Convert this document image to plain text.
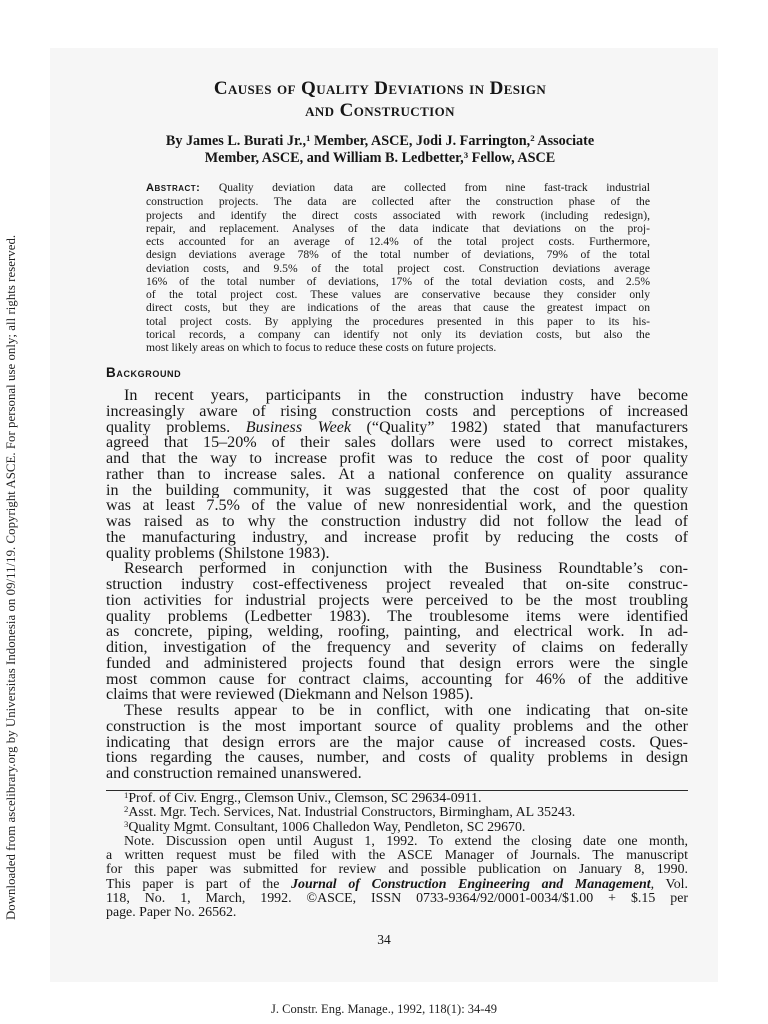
Downloaded from ascelibrary.org by Universitas Indonesia on 09/11/19. Copyright ASCE. For personal use only; all rights reserved.
Causes of Quality Deviations in Design
and Construction
By James L. Burati Jr.,$^1$ Member, ASCE, Jodi J. Farrington,$^2$ Associate
Member, ASCE, and William B. Ledbetter,$^3$ Fellow, ASCE
Abstract: Quality deviation data are collected from nine fast-track industrial
construction projects. The data are collected after the construction phase of the
projects and identify the direct costs associated with rework (including redesign),
repair, and replacement. Analyses of the data indicate that deviations on the proj-
ects accounted for an average of 12.4% of the total project costs. Furthermore,
design deviations average 78% of the total number of deviations, 79% of the total
deviation costs, and 9.5% of the total project cost. Construction deviations average
16% of the total number of deviations, 17% of the total deviation costs, and 2.5%
of the total project cost. These values are conservative because they consider only
direct costs, but they are indications of the areas that cause the greatest impact on
total project costs. By applying the procedures presented in this paper to its his-
torical records, a company can identify not only its deviation costs, but also the
most likely areas on which to focus to reduce these costs on future projects.
Background
In recent years, participants in the construction industry have become
increasingly aware of rising construction costs and perceptions of increased
quality problems. Business Week (“Quality” 1982) stated that manufacturers
agreed that 15–20% of their sales dollars were used to correct mistakes,
and that the way to increase profit was to reduce the cost of poor quality
rather than to increase sales. At a national conference on quality assurance
in the building community, it was suggested that the cost of poor quality
was at least 7.5% of the value of new nonresidential work, and the question
was raised as to why the construction industry did not follow the lead of
the manufacturing industry, and increase profit by reducing the costs of
quality problems (Shilstone 1983).
Research performed in conjunction with the Business Roundtable’s con-
struction industry cost-effectiveness project revealed that on-site construc-
tion activities for industrial projects were perceived to be the most troubling
quality problems (Ledbetter 1983). The troublesome items were identified
as concrete, piping, welding, roofing, painting, and electrical work. In ad-
dition, investigation of the frequency and severity of claims on federally
funded and administered projects found that design errors were the single
most common cause for contract claims, accounting for 46% of the additive
claims that were reviewed (Diekmann and Nelson 1985).
These results appear to be in conflict, with one indicating that on-site
construction is the most important source of quality problems and the other
indicating that design errors are the major cause of increased costs. Ques-
tions regarding the causes, number, and costs of quality problems in design
and construction remained unanswered.
$^1$Prof. of Civ. Engrg., Clemson Univ., Clemson, SC 29634-0911.
$^2$Asst. Mgr. Tech. Services, Nat. Industrial Constructors, Birmingham, AL 35243.
$^3$Quality Mgmt. Consultant, 1006 Challedon Way, Pendleton, SC 29670.
Note. Discussion open until August 1, 1992. To extend the closing date one month,
a written request must be filed with the ASCE Manager of Journals. The manuscript
for this paper was submitted for review and possible publication on January 8, 1990.
This paper is part of the Journal of Construction Engineering and Management, Vol.
118, No. 1, March, 1992. ©ASCE, ISSN 0733-9364/92/0001-0034/$1.00 + $.15 per
page. Paper No. 26562.
34
J. Constr. Eng. Manage., 1992, 118(1): 34-49
